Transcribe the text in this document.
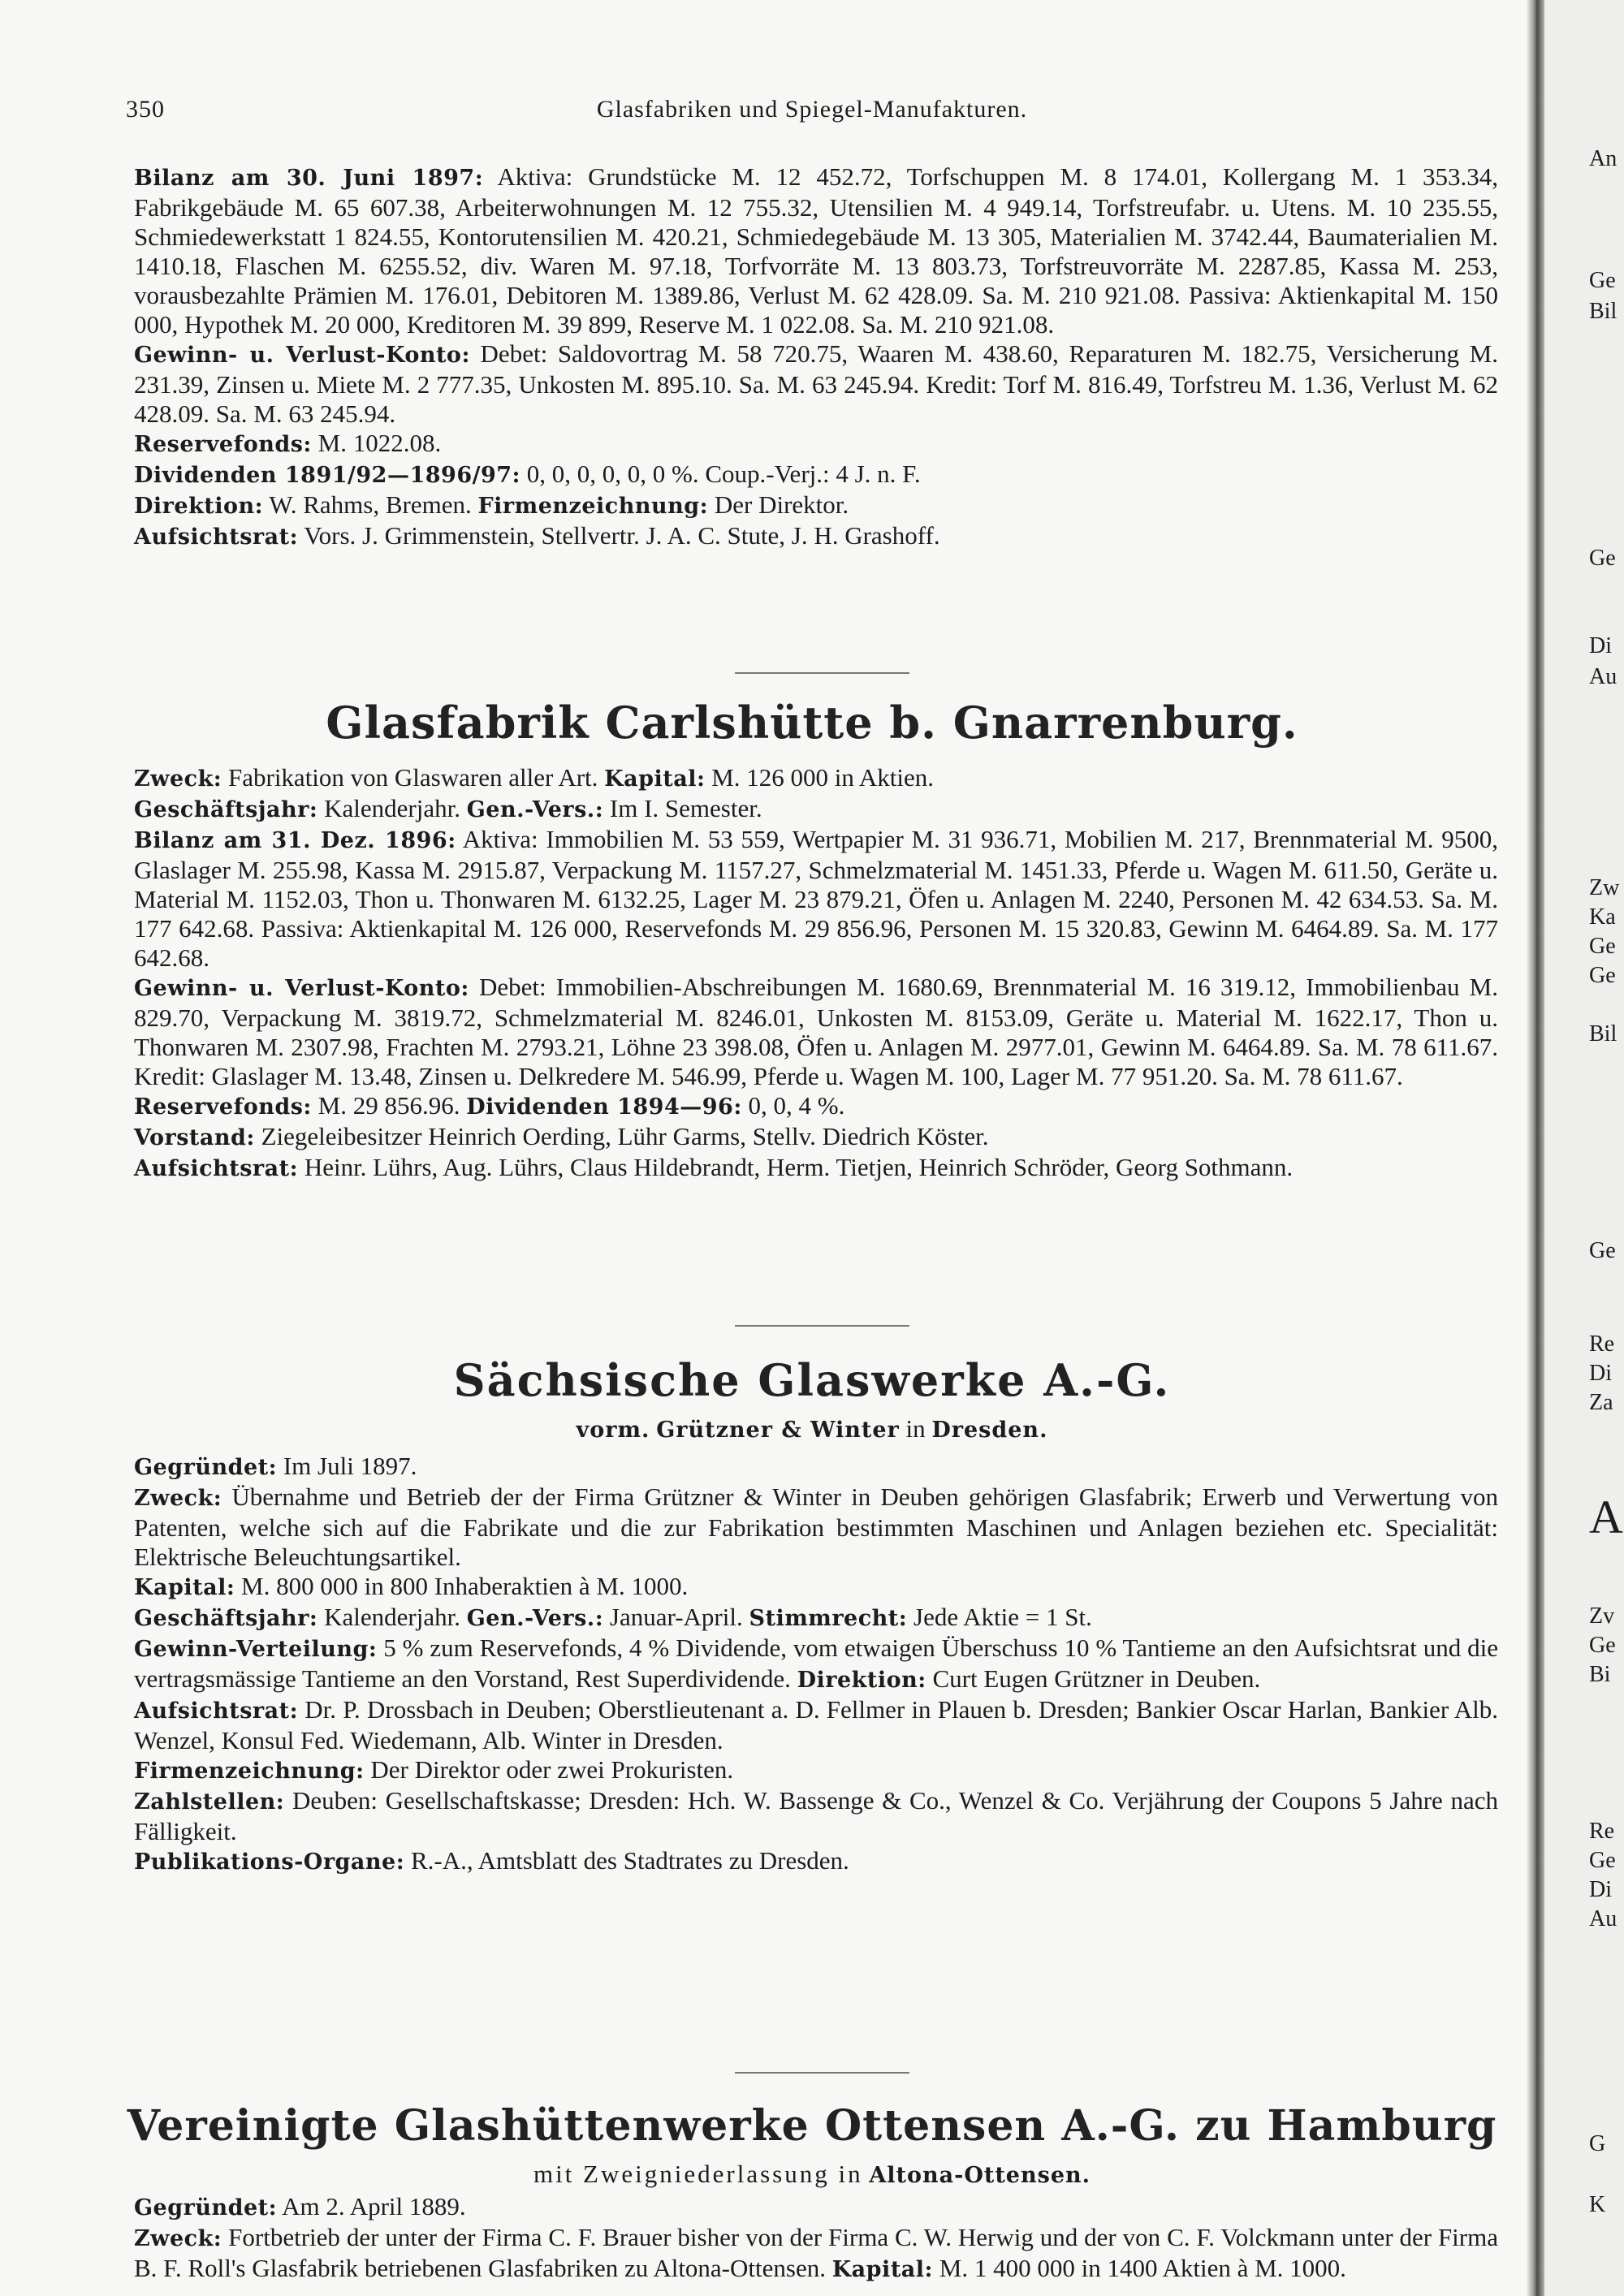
350	Glasfabriken und Spiegel-Manufakturen.

Bilanz am 30. Juni 1897: Aktiva: Grundstücke M. 12 452.72, Torfschuppen M. 8 174.01, Kollergang M. 1 353.34, Fabrikgebäude M. 65 607.38, Arbeiterwohnungen M. 12 755.32, Utensilien M. 4 949.14, Torfstreufabr. u. Utens. M. 10 235.55, Schmiedewerkstatt 1 824.55, Kontorutensilien M. 420.21, Schmiedegebäude M. 13 305, Materialien M. 3742.44, Baumaterialien M. 1410.18, Flaschen M. 6255.52, div. Waren M. 97.18, Torfvorräte M. 13 803.73, Torfstreuvorräte M. 2287.85, Kassa M. 253, vorausbezahlte Prämien M. 176.01, Debitoren M. 1389.86, Verlust M. 62 428.09. Sa. M. 210 921.08. Passiva: Aktienkapital M. 150 000, Hypothek M. 20 000, Kreditoren M. 39 899, Reserve M. 1 022.08. Sa. M. 210 921.08.

Gewinn- u. Verlust-Konto: Debet: Saldovortrag M. 58 720.75, Waaren M. 438.60, Reparaturen M. 182.75, Versicherung M. 231.39, Zinsen u. Miete M. 2 777.35, Unkosten M. 895.10. Sa. M. 63 245.94. Kredit: Torf M. 816.49, Torfstreu M. 1.36, Verlust M. 62 428.09. Sa. M. 63 245.94.

Reservefonds: M. 1022.08.

Dividenden 1891/92—1896/97: 0, 0, 0, 0, 0, 0 %. Coup.-Verj.: 4 J. n. F.

Direktion: W. Rahms, Bremen. Firmenzeichnung: Der Direktor.

Aufsichtsrat: Vors. J. Grimmenstein, Stellvertr. J. A. C. Stute, J. H. Grashoff.

Glasfabrik Carlshütte b. Gnarrenburg.

Zweck: Fabrikation von Glaswaren aller Art. Kapital: M. 126 000 in Aktien.

Geschäftsjahr: Kalenderjahr. Gen.-Vers.: Im I. Semester.

Bilanz am 31. Dez. 1896: Aktiva: Immobilien M. 53 559, Wertpapier M. 31 936.71, Mobilien M. 217, Brennmaterial M. 9500, Glaslager M. 255.98, Kassa M. 2915.87, Verpackung M. 1157.27, Schmelzmaterial M. 1451.33, Pferde u. Wagen M. 611.50, Geräte u. Material M. 1152.03, Thon u. Thonwaren M. 6132.25, Lager M. 23 879.21, Öfen u. Anlagen M. 2240, Personen M. 42 634.53. Sa. M. 177 642.68. Passiva: Aktienkapital M. 126 000, Reservefonds M. 29 856.96, Personen M. 15 320.83, Gewinn M. 6464.89. Sa. M. 177 642.68.

Gewinn- u. Verlust-Konto: Debet: Immobilien-Abschreibungen M. 1680.69, Brennmaterial M. 16 319.12, Immobilienbau M. 829.70, Verpackung M. 3819.72, Schmelzmaterial M. 8246.01, Unkosten M. 8153.09, Geräte u. Material M. 1622.17, Thon u. Thonwaren M. 2307.98, Frachten M. 2793.21, Löhne 23 398.08, Öfen u. Anlagen M. 2977.01, Gewinn M. 6464.89. Sa. M. 78 611.67. Kredit: Glaslager M. 13.48, Zinsen u. Delkredere M. 546.99, Pferde u. Wagen M. 100, Lager M. 77 951.20. Sa. M. 78 611.67.

Reservefonds: M. 29 856.96. Dividenden 1894—96: 0, 0, 4 %.

Vorstand: Ziegeleibesitzer Heinrich Oerding, Lühr Garms, Stellv. Diedrich Köster.

Aufsichtsrat: Heinr. Lührs, Aug. Lührs, Claus Hildebrandt, Herm. Tietjen, Heinrich Schröder, Georg Sothmann.

Sächsische Glaswerke A.-G.
vorm. Grützner & Winter in Dresden.

Gegründet: Im Juli 1897.

Zweck: Übernahme und Betrieb der der Firma Grützner & Winter in Deuben gehörigen Glasfabrik; Erwerb und Verwertung von Patenten, welche sich auf die Fabrikate und die zur Fabrikation bestimmten Maschinen und Anlagen beziehen etc. Specialität: Elektrische Beleuchtungsartikel.

Kapital: M. 800 000 in 800 Inhaberaktien à M. 1000.

Geschäftsjahr: Kalenderjahr. Gen.-Vers.: Januar-April. Stimmrecht: Jede Aktie = 1 St.

Gewinn-Verteilung: 5 % zum Reservefonds, 4 % Dividende, vom etwaigen Überschuss 10 % Tantieme an den Aufsichtsrat und die vertragsmässige Tantieme an den Vorstand, Rest Superdividende. Direktion: Curt Eugen Grützner in Deuben.

Aufsichtsrat: Dr. P. Drossbach in Deuben; Oberstlieutenant a. D. Fellmer in Plauen b. Dresden; Bankier Oscar Harlan, Bankier Alb. Wenzel, Konsul Fed. Wiedemann, Alb. Winter in Dresden.

Firmenzeichnung: Der Direktor oder zwei Prokuristen.

Zahlstellen: Deuben: Gesellschaftskasse; Dresden: Hch. W. Bassenge & Co., Wenzel & Co. Verjährung der Coupons 5 Jahre nach Fälligkeit.

Publikations-Organe: R.-A., Amtsblatt des Stadtrates zu Dresden.

Vereinigte Glashüttenwerke Ottensen A.-G. zu Hamburg
mit Zweigniederlassung in Altona-Ottensen.

Gegründet: Am 2. April 1889.

Zweck: Fortbetrieb der unter der Firma C. F. Brauer bisher von der Firma C. W. Herwig und der von C. F. Volckmann unter der Firma B. F. Roll's Glasfabrik betriebenen Glasfabriken zu Altona-Ottensen. Kapital: M. 1 400 000 in 1400 Aktien à M. 1000.

An
Ge
Bil
Ge
Di
Au
Zw
Ka
Ge
Ge
Bil
Ge
Re
Di
Za
A
Zv
Ge
Bi
Re
Ge
Di
Au
G
K
